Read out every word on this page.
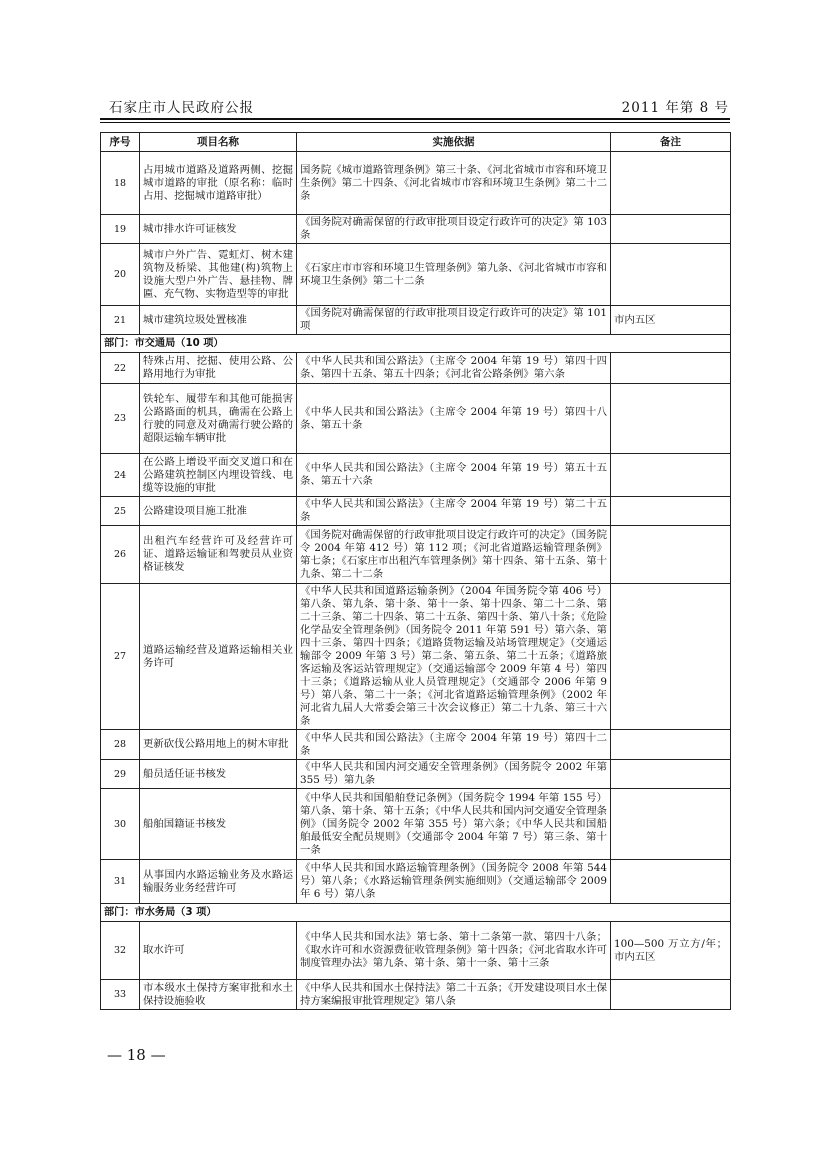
石家庄市人民政府公报	2011 年第 8 号
序号	项目名称	实施依据	备注
18	占用城市道路及道路两侧、挖掘城市道路的审批（原名称：临时占用、挖掘城市道路审批）	国务院《城市道路管理条例》第三十条、《河北省城市市容和环境卫生条例》第二十四条、《河北省城市市容和环境卫生条例》第二十二条	
19	城市排水许可证核发	《国务院对确需保留的行政审批项目设定行政许可的决定》第 103 条	
20	城市户外广告、霓虹灯、树木建筑物及桥梁、其他建(构)筑物上设施大型户外广告、悬挂物、牌匾、充气物、实物造型等的审批	《石家庄市市容和环境卫生管理条例》第九条、《河北省城市市容和环境卫生条例》第二十二条	
21	城市建筑垃圾处置核准	《国务院对确需保留的行政审批项目设定行政许可的决定》第 101 项	市内五区
部门：市交通局（10 项）			
22	特殊占用、挖掘、使用公路、公路用地行为审批	《中华人民共和国公路法》（主席令 2004 年第 19 号）第四十四条、第四十五条、第五十四条；《河北省公路条例》第六条	
23	铁轮车、履带车和其他可能损害公路路面的机具，确需在公路上行驶的同意及对确需行驶公路的超限运输车辆审批	《中华人民共和国公路法》（主席令 2004 年第 19 号）第四十八条、第五十条	
24	在公路上增设平面交叉道口和在公路建筑控制区内埋设管线、电缆等设施的审批	《中华人民共和国公路法》（主席令 2004 年第 19 号）第五十五条、第五十六条	
25	公路建设项目施工批准	《中华人民共和国公路法》（主席令 2004 年第 19 号）第二十五条	
26	出租汽车经营许可及经营许可证、道路运输证和驾驶员从业资格证核发	《国务院对确需保留的行政审批项目设定行政许可的决定》（国务院令 2004 年第 412 号）第 112 项；《河北省道路运输管理条例》第七条；《石家庄市出租汽车管理条例》第十四条、第十五条、第十九条、第二十二条	
27	道路运输经营及道路运输相关业务许可	《中华人民共和国道路运输条例》（2004 年国务院令第 406 号）第八条、第九条、第十条、第十一条、第十四条、第二十二条、第二十三条、第二十四条、第二十五条、第四十条、第八十条；《危险化学品安全管理条例》（国务院令 2011 年第 591 号）第六条、第四十三条、第四十四条；《道路货物运输及站场管理规定》（交通运输部令 2009 年第 3 号）第二条、第五条、第二十五条；《道路旅客运输及客运站管理规定》（交通运输部令 2009 年第 4 号）第四十三条；《道路运输从业人员管理规定》（交通部令 2006 年第 9 号）第八条、第二十一条；《河北省道路运输管理条例》（2002 年河北省九届人大常委会第三十次会议修正）第二十九条、第三十六条	
28	更新砍伐公路用地上的树木审批	《中华人民共和国公路法》（主席令 2004 年第 19 号）第四十二条	
29	船员适任证书核发	《中华人民共和国内河交通安全管理条例》（国务院令 2002 年第 355 号）第九条	
30	船舶国籍证书核发	《中华人民共和国船舶登记条例》（国务院令 1994 年第 155 号）第八条、第十条、第十五条；《中华人民共和国内河交通安全管理条例》（国务院令 2002 年第 355 号）第六条；《中华人民共和国船舶最低安全配员规则》（交通部令 2004 年第 7 号）第三条、第十一条	
31	从事国内水路运输业务及水路运输服务业务经营许可	《中华人民共和国水路运输管理条例》（国务院令 2008 年第 544 号）第八条；《水路运输管理条例实施细则》（交通运输部令 2009 年 6 号）第八条	
部门：市水务局（3 项）			
32	取水许可	《中华人民共和国水法》第七条、第十二条第一款、第四十八条；《取水许可和水资源费征收管理条例》第十四条；《河北省取水许可制度管理办法》第九条、第十条、第十一条、第十三条	100—500 万立方/年；市内五区
33	市本级水土保持方案审批和水土保持设施验收	《中华人民共和国水土保持法》第二十五条；《开发建设项目水土保持方案编报审批管理规定》第八条	
— 18 —
